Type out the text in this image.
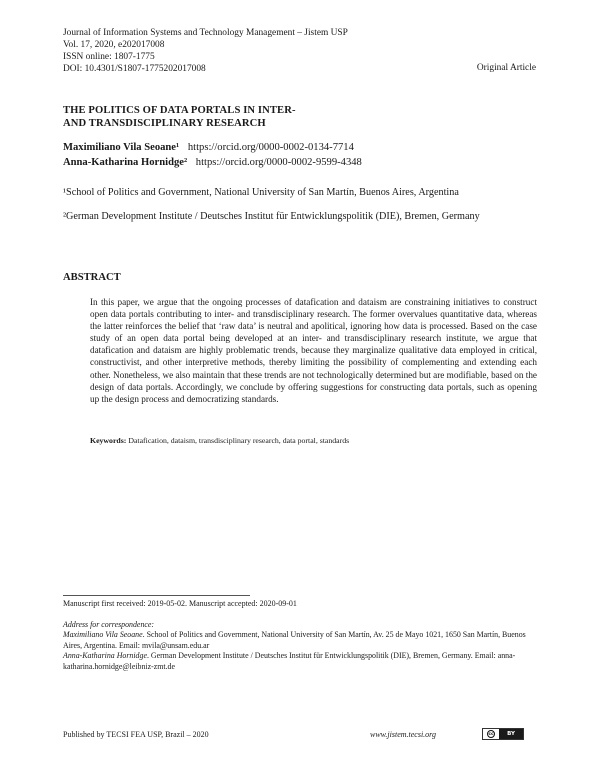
Journal of Information Systems and Technology Management – Jistem USP
Vol. 17, 2020, e202017008
ISSN online: 1807-1775
DOI: 10.4301/S1807-1775202017008	Original Article
THE POLITICS OF DATA PORTALS IN INTER-
AND TRANSDISCIPLINARY RESEARCH
Maximiliano Vila Seoane¹ https://orcid.org/0000-0002-0134-7714
Anna-Katharina Hornidge² https://orcid.org/0000-0002-9599-4348
¹School of Politics and Government, National University of San Martín, Buenos Aires, Argentina
²German Development Institute / Deutsches Institut für Entwicklungspolitik (DIE), Bremen, Germany
ABSTRACT
In this paper, we argue that the ongoing processes of datafication and dataism are constraining initiatives to construct open data portals contributing to inter- and transdisciplinary research. The former overvalues quantitative data, whereas the latter reinforces the belief that ‘raw data’ is neutral and apolitical, ignoring how data is processed. Based on the case study of an open data portal being developed at an inter- and transdisciplinary research institute, we argue that datafication and dataism are highly problematic trends, because they marginalize qualitative data employed in critical, constructivist, and other interpretive methods, thereby limiting the possibility of complementing and extending each other. Nonetheless, we also maintain that these trends are not technologically determined but are modifiable, based on the design of data portals. Accordingly, we conclude by offering suggestions for constructing data portals, such as opening up the design process and democratizing standards.
Keywords: Datafication, dataism, transdisciplinary research, data portal, standards
Manuscript first received: 2019-05-02. Manuscript accepted: 2020-09-01
Address for correspondence:
Maximiliano Vila Seoane. School of Politics and Government, National University of San Martín, Av. 25 de Mayo 1021, 1650 San Martín, Buenos Aires, Argentina. Email: mvila@unsam.edu.ar
Anna-Katharina Hornidge. German Development Institute / Deutsches Institut für Entwicklungspolitik (DIE), Bremen, Germany. Email: anna-katharina.hornidge@leibniz-zmt.de
Published by TECSI FEA USP, Brazil – 2020	www.jistem.tecsi.org	cc BY
